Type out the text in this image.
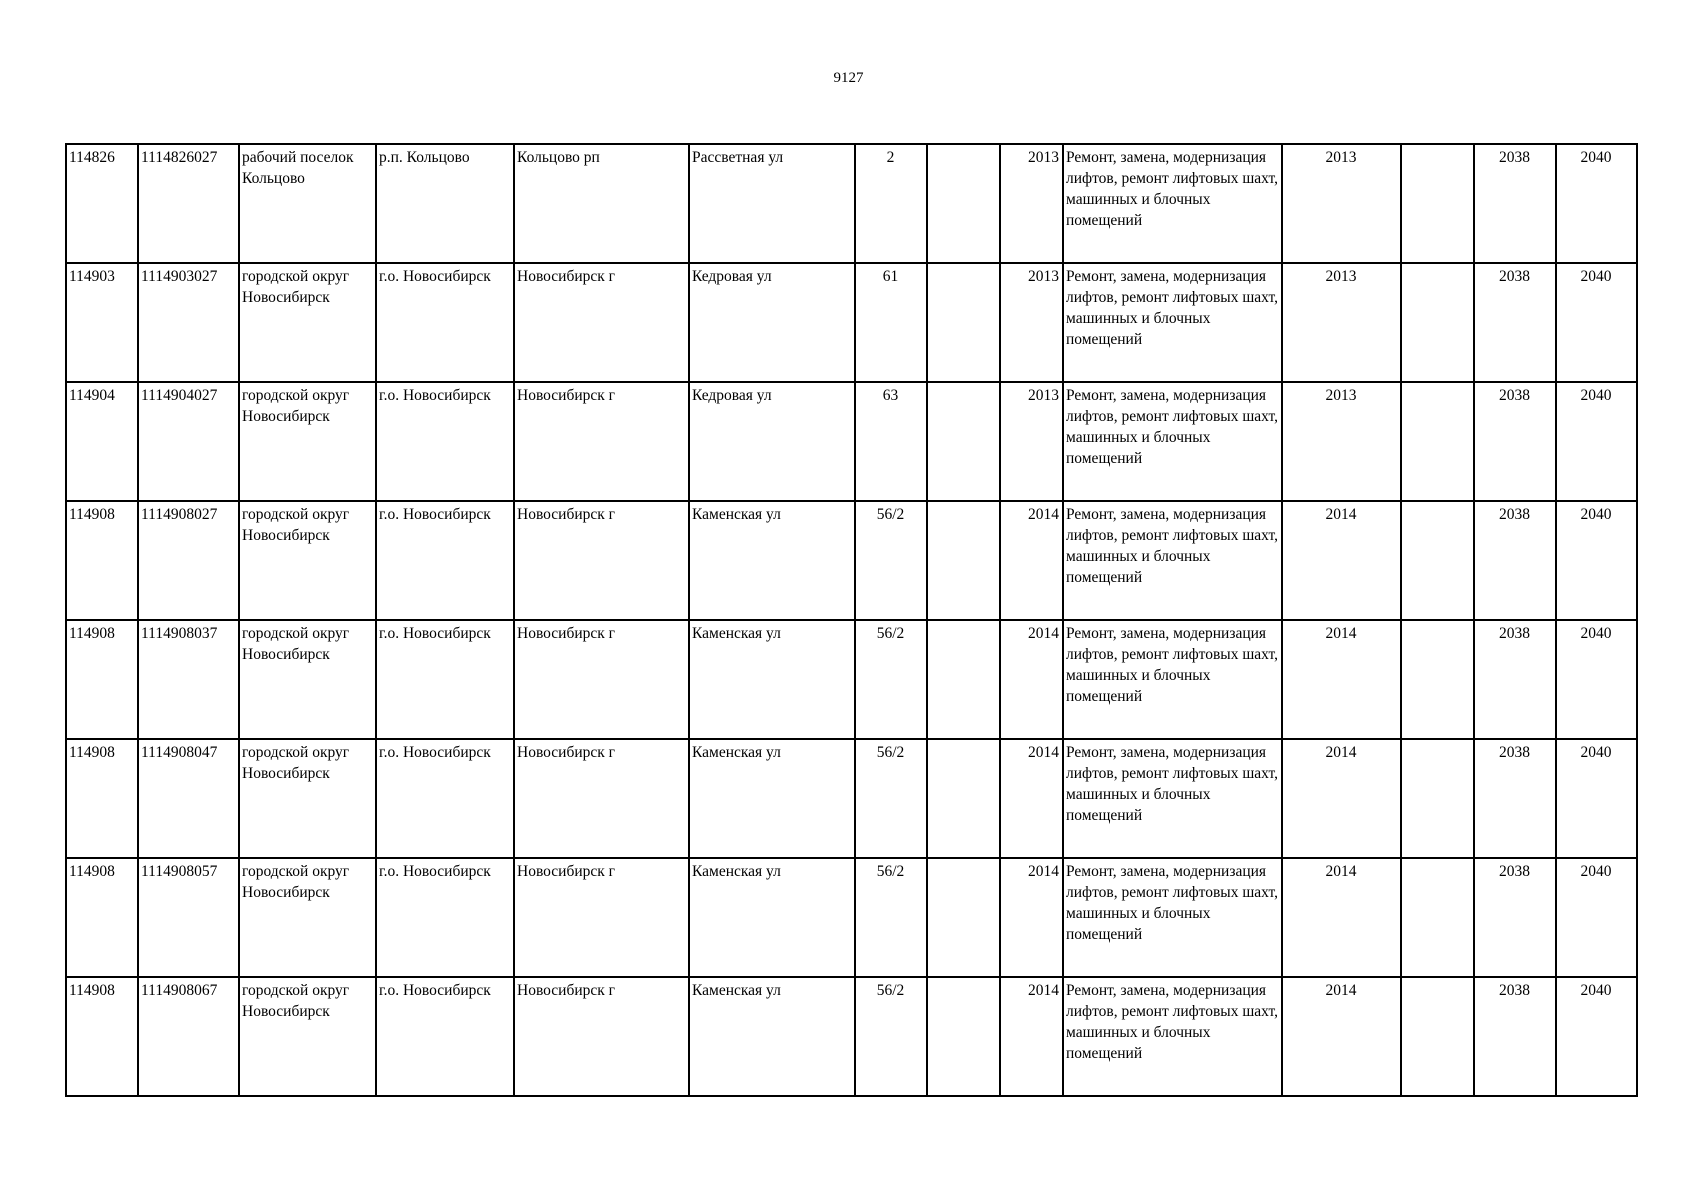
9127
114826	1114826027	рабочий поселок Кольцово	р.п. Кольцово	Кольцово рп	Рассветная ул	2		2013	Ремонт, замена, модернизация лифтов, ремонт лифтовых шахт, машинных и блочных помещений	2013		2038	2040
114903	1114903027	городской округ Новосибирск	г.о. Новосибирск	Новосибирск г	Кедровая ул	61		2013	Ремонт, замена, модернизация лифтов, ремонт лифтовых шахт, машинных и блочных помещений	2013		2038	2040
114904	1114904027	городской округ Новосибирск	г.о. Новосибирск	Новосибирск г	Кедровая ул	63		2013	Ремонт, замена, модернизация лифтов, ремонт лифтовых шахт, машинных и блочных помещений	2013		2038	2040
114908	1114908027	городской округ Новосибирск	г.о. Новосибирск	Новосибирск г	Каменская ул	56/2		2014	Ремонт, замена, модернизация лифтов, ремонт лифтовых шахт, машинных и блочных помещений	2014		2038	2040
114908	1114908037	городской округ Новосибирск	г.о. Новосибирск	Новосибирск г	Каменская ул	56/2		2014	Ремонт, замена, модернизация лифтов, ремонт лифтовых шахт, машинных и блочных помещений	2014		2038	2040
114908	1114908047	городской округ Новосибирск	г.о. Новосибирск	Новосибирск г	Каменская ул	56/2		2014	Ремонт, замена, модернизация лифтов, ремонт лифтовых шахт, машинных и блочных помещений	2014		2038	2040
114908	1114908057	городской округ Новосибирск	г.о. Новосибирск	Новосибирск г	Каменская ул	56/2		2014	Ремонт, замена, модернизация лифтов, ремонт лифтовых шахт, машинных и блочных помещений	2014		2038	2040
114908	1114908067	городской округ Новосибирск	г.о. Новосибирск	Новосибирск г	Каменская ул	56/2		2014	Ремонт, замена, модернизация лифтов, ремонт лифтовых шахт, машинных и блочных помещений	2014		2038	2040
